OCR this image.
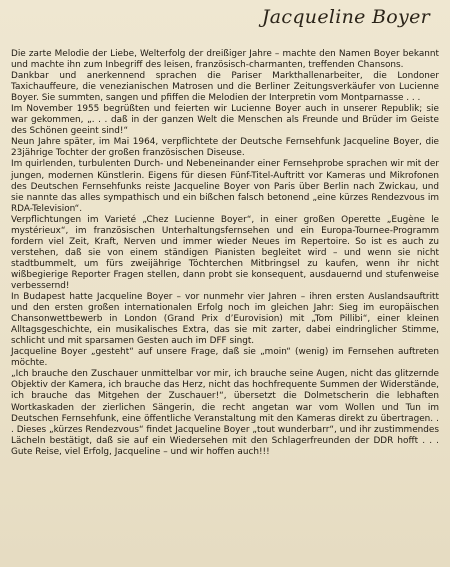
Jacqueline Boyer

Die zarte Melodie der Liebe, Welterfolg der dreißiger Jahre – machte den Namen Boyer bekannt und machte ihn zum Inbegriff des leisen, französisch-charmanten, treffenden Chansons.

Dankbar und anerkennend sprachen die Pariser Markthallenarbeiter, die Londoner Taxichauffeure, die venezianischen Matrosen und die Berliner Zeitungsverkäufer von Lucienne Boyer. Sie summten, sangen und pfiffen die Melodien der Interpretin vom Montparnasse . . .

Im November 1955 begrüßten und feierten wir Lucienne Boyer auch in unserer Republik; sie war gekommen, „. . . daß in der ganzen Welt die Menschen als Freunde und Brüder im Geiste des Schönen geeint sind!“

Neun Jahre später, im Mai 1964, verpflichtete der Deutsche Fernsehfunk Jacqueline Boyer, die 23jährige Tochter der großen französischen Diseuse.

Im quirlenden, turbulenten Durch- und Nebeneinander einer Fernsehprobe sprachen wir mit der jungen, modernen Künstlerin. Eigens für diesen Fünf-Titel-Auftritt vor Kameras und Mikrofonen des Deutschen Fernsehfunks reiste Jacqueline Boyer von Paris über Berlin nach Zwickau, und sie nannte das alles sympathisch und ein bißchen falsch betonend „eine kürzes Rendezvous im RDA-Television“.

Verpflichtungen im Varieté „Chez Lucienne Boyer“, in einer großen Operette „Eugène le mystérieux“, im französischen Unterhaltungsfernsehen und ein Europa-Tournee-Programm fordern viel Zeit, Kraft, Nerven und immer wieder Neues im Repertoire. So ist es auch zu verstehen, daß sie von einem ständigen Pianisten begleitet wird – und wenn sie nicht stadtbummelt, um fürs zweijährige Töchterchen Mitbringsel zu kaufen, wenn ihr nicht wißbegierige Reporter Fragen stellen, dann probt sie konsequent, ausdauernd und stufenweise verbessernd!

In Budapest hatte Jacqueline Boyer – vor nunmehr vier Jahren – ihren ersten Auslandsauftritt und den ersten großen internationalen Erfolg noch im gleichen Jahr: Sieg im europäischen Chansonwettbewerb in London (Grand Prix d’Eurovision) mit „Tom Pillibi“, einer kleinen Alltagsgeschichte, ein musikalisches Extra, das sie mit zarter, dabei eindringlicher Stimme, schlicht und mit sparsamen Gesten auch im DFF singt.

Jacqueline Boyer „gesteht“ auf unsere Frage, daß sie „moin“ (wenig) im Fernsehen auftreten möchte.

„Ich brauche den Zuschauer unmittelbar vor mir, ich brauche seine Augen, nicht das glitzernde Objektiv der Kamera, ich brauche das Herz, nicht das hochfrequente Summen der Widerstände, ich brauche das Mitgehen der Zuschauer!“, übersetzt die Dolmetscherin die lebhaften Wortkaskaden der zierlichen Sängerin, die recht angetan war vom Wollen und Tun im Deutschen Fernsehfunk, eine öffentliche Veranstaltung mit den Kameras direkt zu übertragen. . . Dieses „kürzes Rendezvous“ findet Jacqueline Boyer „tout wunderbarr“, und ihr zustimmendes Lächeln bestätigt, daß sie auf ein Wiedersehen mit den Schlagerfreunden der DDR hofft . . . Gute Reise, viel Erfolg, Jacqueline – und wir hoffen auch!!!
